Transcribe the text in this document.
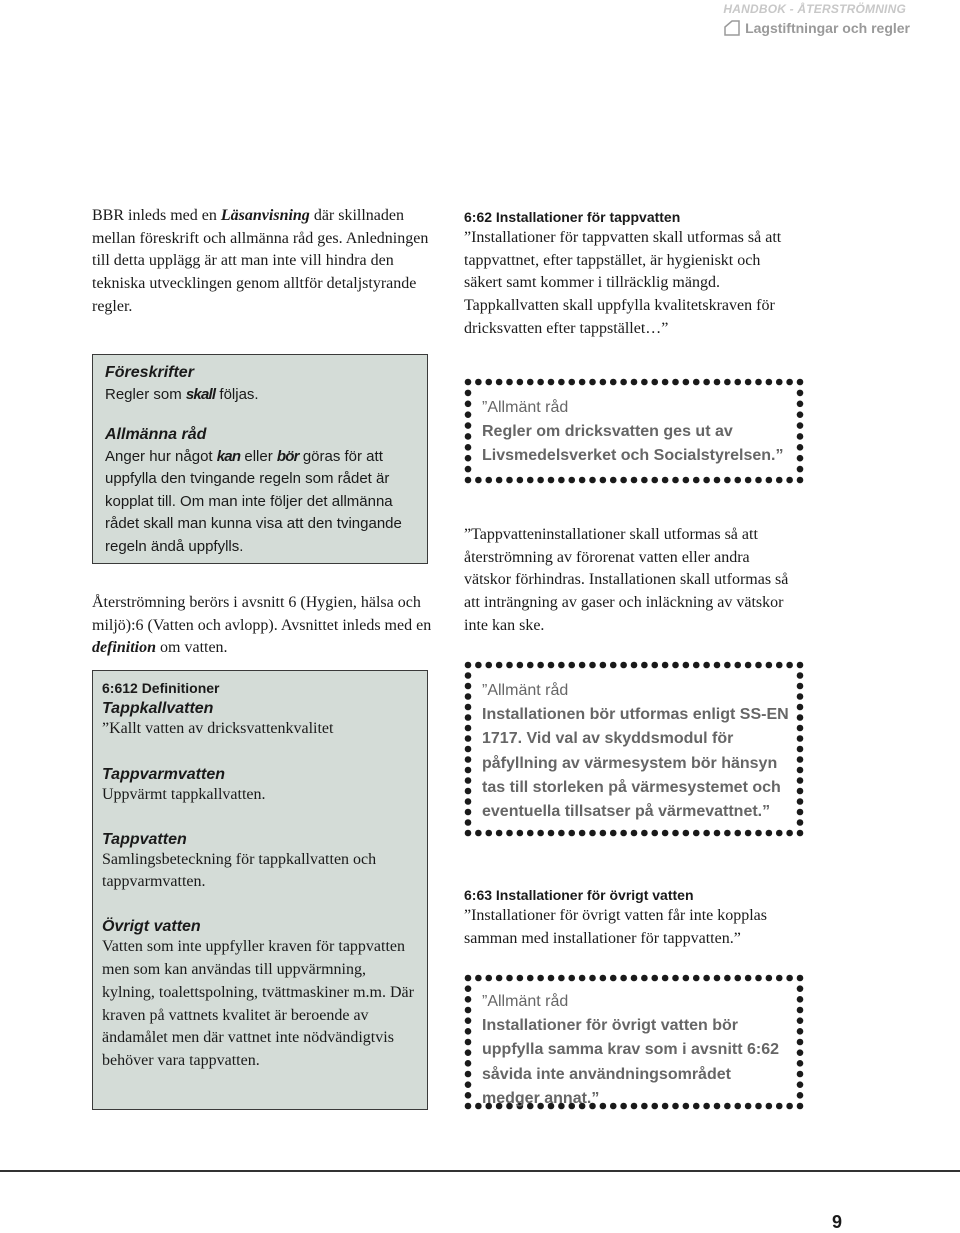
HANDBOK - ÅTERSTRÖMNING
Lagstiftningar och regler
BBR inleds med en Läsanvisning där skillnaden mellan föreskrift och allmänna råd ges. Anledningen till detta upplägg är att man inte vill hindra den tekniska utvecklingen genom alltför detaljstyrande regler.
6:62 Installationer för tappvatten
”Installationer för tappvatten skall utformas så att tappvattnet, efter tappstället, är hygieniskt och säkert samt kommer i tillräcklig mängd. Tappkallvatten skall uppfylla kvalitetskraven för dricksvatten efter tappstället…”
Föreskrifter
Regler som skall följas.
Allmänna råd
Anger hur något kan eller bör göras för att uppfylla den tvingande regeln som rådet är kopplat till. Om man inte följer det allmänna rådet skall man kunna visa att den tvingande regeln ändå uppfylls.
Återströmning berörs i avsnitt 6 (Hygien, hälsa och miljö):6 (Vatten och avlopp). Avsnittet inleds med en definition om vatten.
6:612 Definitioner
Tappkallvatten
”Kallt vatten av dricksvattenkvalitet
Tappvarmvatten
Uppvärmt tappkallvatten.
Tappvatten
Samlingsbeteckning för tappkallvatten och tappvarmvatten.
Övrigt vatten
Vatten som inte uppfyller kraven för tappvatten men som kan användas till uppvärmning, kylning, toalettspolning, tvättmaskiner m.m. Där kraven på vattnets kvalitet är beroende av ändamålet men där vattnet inte nödvändigtvis behöver vara tappvatten.
”Allmänt råd
Regler om dricksvatten ges ut av Livsmedelsverket och Socialstyrelsen.”
”Tappvatteninstallationer skall utformas så att återströmning av förorenat vatten eller andra vätskor förhindras. Installationen skall utformas så att inträngning av gaser och inläckning av vätskor inte kan ske.
”Allmänt råd
Installationen bör utformas enligt SS-EN 1717. Vid val av skyddsmodul för påfyllning av värmesystem bör hänsyn tas till storleken på värmesystemet och eventuella tillsatser på värmevattnet.”
6:63 Installationer för övrigt vatten
”Installationer för övrigt vatten får inte kopplas samman med installationer för tappvatten.”
”Allmänt råd
Installationer för övrigt vatten bör uppfylla samma krav som i avsnitt 6:62 såvida inte användningsområdet medger annat.”
9
